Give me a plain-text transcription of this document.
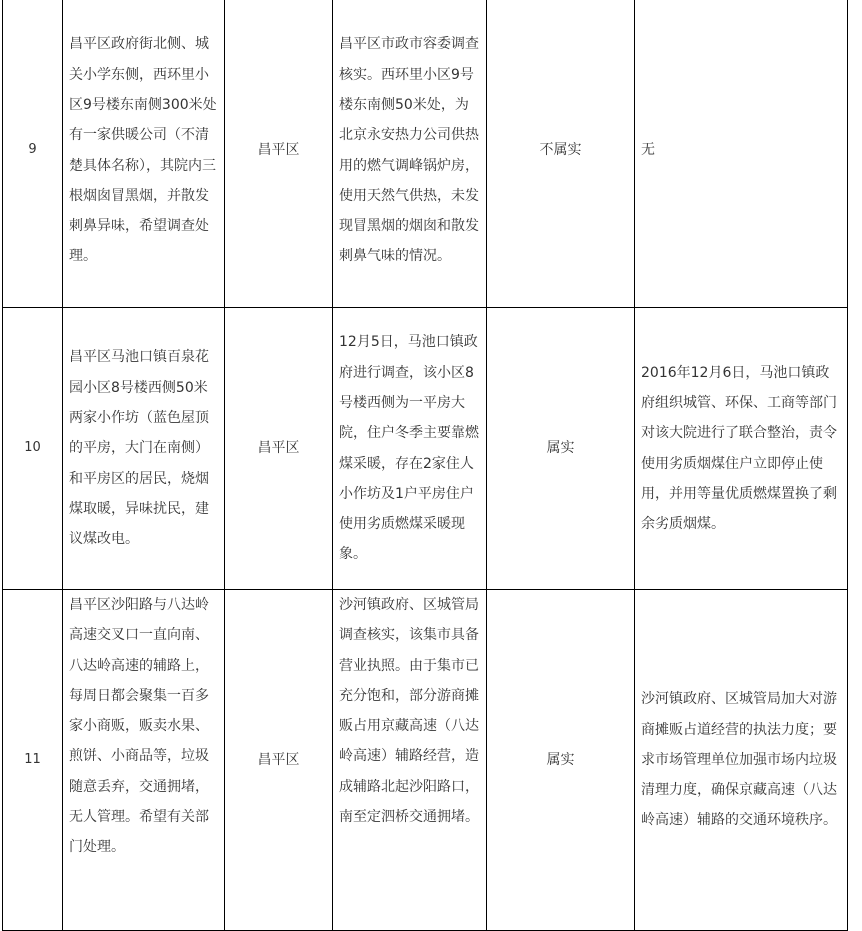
9	昌平区政府街北侧、城关小学东侧，西环里小区9号楼东南侧300米处有一家供暖公司（不清楚具体名称），其院内三根烟囱冒黑烟，并散发刺鼻异味，希望调查处理。	昌平区	昌平区市政市容委调查核实。西环里小区9号楼东南侧50米处，为北京永安热力公司供热用的燃气调峰锅炉房，使用天然气供热，未发现冒黑烟的烟囱和散发刺鼻气味的情况。	不属实	无
10	昌平区马池口镇百泉花园小区8号楼西侧50米两家小作坊（蓝色屋顶的平房，大门在南侧）和平房区的居民，烧烟煤取暖，异味扰民，建议煤改电。	昌平区	12月5日，马池口镇政府进行调查，该小区8号楼西侧为一平房大院，住户冬季主要靠燃煤采暖，存在2家住人小作坊及1户平房住户使用劣质燃煤采暖现象。	属实	2016年12月6日，马池口镇政府组织城管、环保、工商等部门对该大院进行了联合整治，责令使用劣质烟煤住户立即停止使用，并用等量优质燃煤置换了剩余劣质烟煤。
11	昌平区沙阳路与八达岭高速交叉口一直向南、八达岭高速的辅路上，每周日都会聚集一百多家小商贩，贩卖水果、煎饼、小商品等，垃圾随意丢弃，交通拥堵，无人管理。希望有关部门处理。	昌平区	沙河镇政府、区城管局调查核实，该集市具备营业执照。由于集市已充分饱和，部分游商摊贩占用京藏高速（八达岭高速）辅路经营，造成辅路北起沙阳路口，南至定泗桥交通拥堵。	属实	沙河镇政府、区城管局加大对游商摊贩占道经营的执法力度；要求市场管理单位加强市场内垃圾清理力度，确保京藏高速（八达岭高速）辅路的交通环境秩序。
